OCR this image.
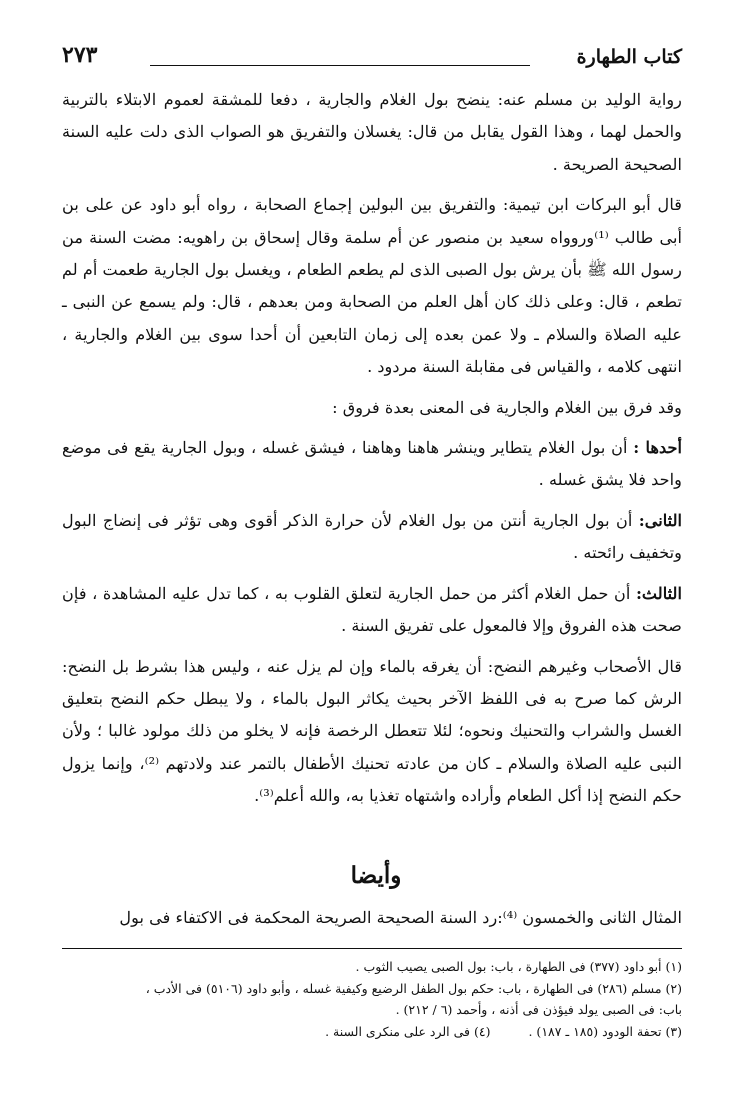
كتاب الطهارة
٢٧٣

رواية الوليد بن مسلم عنه: ينضح بول الغلام والجارية ، دفعا للمشقة لعموم الابتلاء بالتربية والحمل لهما ، وهذا القول يقابل من قال: يغسلان والتفريق هو الصواب الذى دلت عليه السنة الصحيحة الصريحة .

قال أبو البركات ابن تيمية: والتفريق بين البولين إجماع الصحابة ، رواه أبو داود عن على بن أبى طالب ⁽¹⁾وروواه سعيد بن منصور عن أم سلمة وقال إسحاق بن راهويه: مضت السنة من رسول الله ﷺ بأن يرش بول الصبى الذى لم يطعم الطعام ، ويغسل بول الجارية طعمت أم لم تطعم ، قال: وعلى ذلك كان أهل العلم من الصحابة ومن بعدهم ، قال: ولم يسمع عن النبى ـ عليه الصلاة والسلام ـ ولا عمن بعده إلى زمان التابعين أن أحدا سوى بين الغلام والجارية ، انتهى كلامه ، والقياس فى مقابلة السنة مردود .

وقد فرق بين الغلام والجارية فى المعنى بعدة فروق :

أحدها : أن بول الغلام يتطاير وينشر هاهنا وهاهنا ، فيشق غسله ، وبول الجارية يقع فى موضع واحد فلا يشق غسله .

الثانى: أن بول الجارية أنتن من بول الغلام لأن حرارة الذكر أقوى وهى تؤثر فى إنضاج البول وتخفيف رائحته .

الثالث: أن حمل الغلام أكثر من حمل الجارية لتعلق القلوب به ، كما تدل عليه المشاهدة ، فإن صحت هذه الفروق وإلا فالمعول على تفريق السنة .

قال الأصحاب وغيرهم النضح: أن يغرقه بالماء وإن لم يزل عنه ، وليس هذا بشرط بل النضح: الرش كما صرح به فى اللفظ الآخر بحيث يكاثر البول بالماء ، ولا يبطل حكم النضح بتعليق الغسل والشراب والتحنيك ونحوه؛ لئلا تتعطل الرخصة فإنه لا يخلو من ذلك مولود غالبا ؛ ولأن النبى عليه الصلاة والسلام ـ كان من عادته تحنيك الأطفال بالتمر عند ولادتهم ⁽²⁾، وإنما يزول حكم النضح إذا أكل الطعام وأراده واشتهاه تغذيا به، والله أعلم⁽³⁾.

وأيضا
المثال الثانى والخمسون ⁽⁴⁾:رد السنة الصحيحة الصريحة المحكمة فى الاكتفاء فى بول
(١) أبو داود (٣٧٧) فى الطهارة ، باب: بول الصبى يصيب الثوب .
(٢) مسلم (٢٨٦) فى الطهارة ، باب: حكم بول الطفل الرضيع وكيفية غسله ، وأبو داود (٥١٠٦) فى الأدب ،
باب: فى الصبى يولد فيؤذن فى أذنه ، وأحمد (٦ / ٢١٢) .
(٣) تحفة الودود (١٨٥ ـ ١٨٧) .
(٤) فى الرد على منكرى السنة .
